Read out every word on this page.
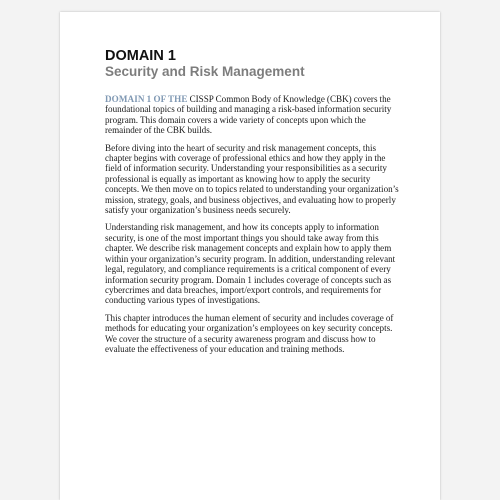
DOMAIN 1
Security and Risk Management

DOMAIN 1 OF THE CISSP Common Body of Knowledge (CBK) covers the foundational topics of building and managing a risk-based information security program. This domain covers a wide variety of concepts upon which the remainder of the CBK builds.

Before diving into the heart of security and risk management concepts, this chapter begins with coverage of professional ethics and how they apply in the field of information security. Understanding your responsibilities as a security professional is equally as important as knowing how to apply the security concepts. We then move on to topics related to understanding your organization’s mission, strategy, goals, and business objectives, and evaluating how to properly satisfy your organization’s business needs securely.

Understanding risk management, and how its concepts apply to information security, is one of the most important things you should take away from this chapter. We describe risk management concepts and explain how to apply them within your organization’s security program. In addition, understanding relevant legal, regulatory, and compliance requirements is a critical component of every information security program. Domain 1 includes coverage of concepts such as cybercrimes and data breaches, import/export controls, and requirements for conducting various types of investigations.

This chapter introduces the human element of security and includes coverage of methods for educating your organization’s employees on key security concepts. We cover the structure of a security awareness program and discuss how to evaluate the effectiveness of your education and training methods.
